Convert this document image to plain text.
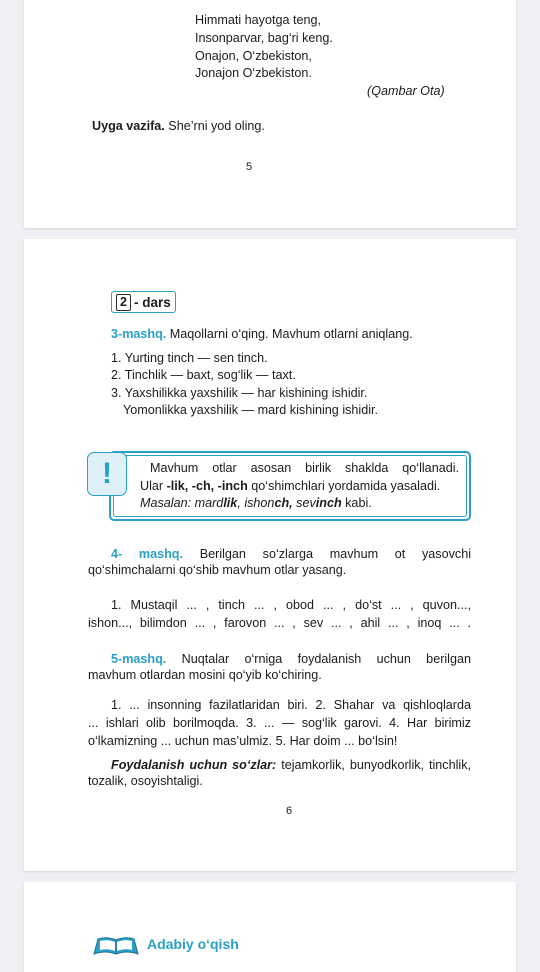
Himmati hayotga teng,
Insonparvar, bag‘ri keng.
Onajon, O‘zbekiston,
Jonajon O‘zbekiston.
(Qambar Ota)
Uyga vazifa. She’rni yod oling.
5
2 - dars
3-mashq. Maqollarni o‘qing. Mavhum otlarni aniqlang.
1. Yurting tinch — sen tinch.
2. Tinchlik — baxt, sog‘lik — taxt.
3. Yaxshilikka yaxshilik — har kishining ishidir.
Yomonlikka yaxshilik — mard kishining ishidir.
!	Mavhum otlar asosan birlik shaklda qo‘llanadi.
Ular -lik, -ch, -inch qo‘shimchlari yordamida yasaladi.
Masalan: mardlik, ishonch, sevinch kabi.
4- mashq. Berilgan so‘zlarga mavhum ot yasovchi
qo‘shimchalarni qo‘shib mavhum otlar yasang.
1. Mustaqil ... , tinch ... , obod ... , do‘st ... , quvon...,
ishon..., bilimdon ... , farovon ... , sev ... , ahil ... , inoq ... .
5-mashq. Nuqtalar o‘rniga foydalanish uchun berilgan
mavhum otlardan mosini qo‘yib ko‘chiring.
1. ... insonning fazilatlaridan biri. 2. Shahar va qishloqlarda
... ishlari olib borilmoqda. 3. ... — sog‘lik garovi. 4. Har birimiz
o‘lkamizning ... uchun mas’ulmiz. 5. Har doim ... bo‘lsin!
Foydalanish uchun so‘zlar: tejamkorlik, bunyodkorlik, tinchlik,
tozalik, osoyishtaligi.
6
Adabiy o‘qish
